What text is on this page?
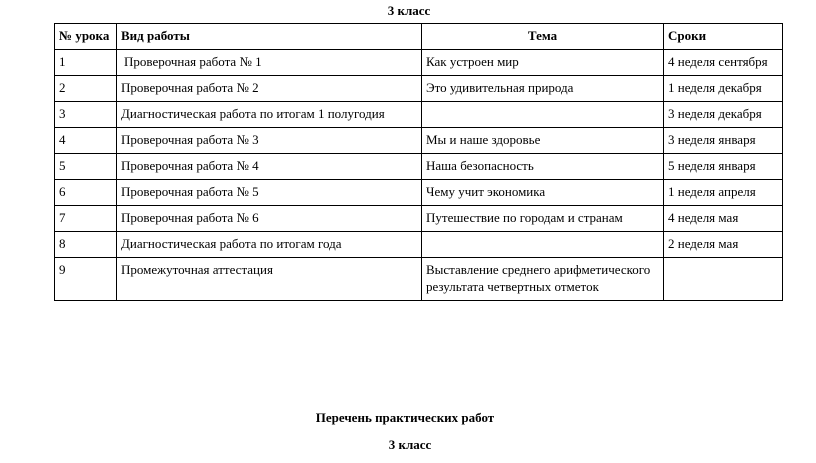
3 класс
№ урока	Вид работы	Тема	Сроки
1	Проверочная работа № 1	Как устроен мир	4 неделя сентября
2	Проверочная работа № 2	Это удивительная природа	1 неделя декабря
3	Диагностическая работа по итогам 1 полугодия		3 неделя декабря
4	Проверочная работа № 3	Мы и наше здоровье	3 неделя января
5	Проверочная работа № 4	Наша безопасность	5 неделя января
6	Проверочная работа № 5	Чему учит экономика	1 неделя апреля
7	Проверочная работа № 6	Путешествие по городам и странам	4 неделя мая
8	Диагностическая работа по итогам года		2 неделя мая
9	Промежуточная аттестация	Выставление среднего арифметического результата четвертных отметок	
Перечень практических работ
3 класс
